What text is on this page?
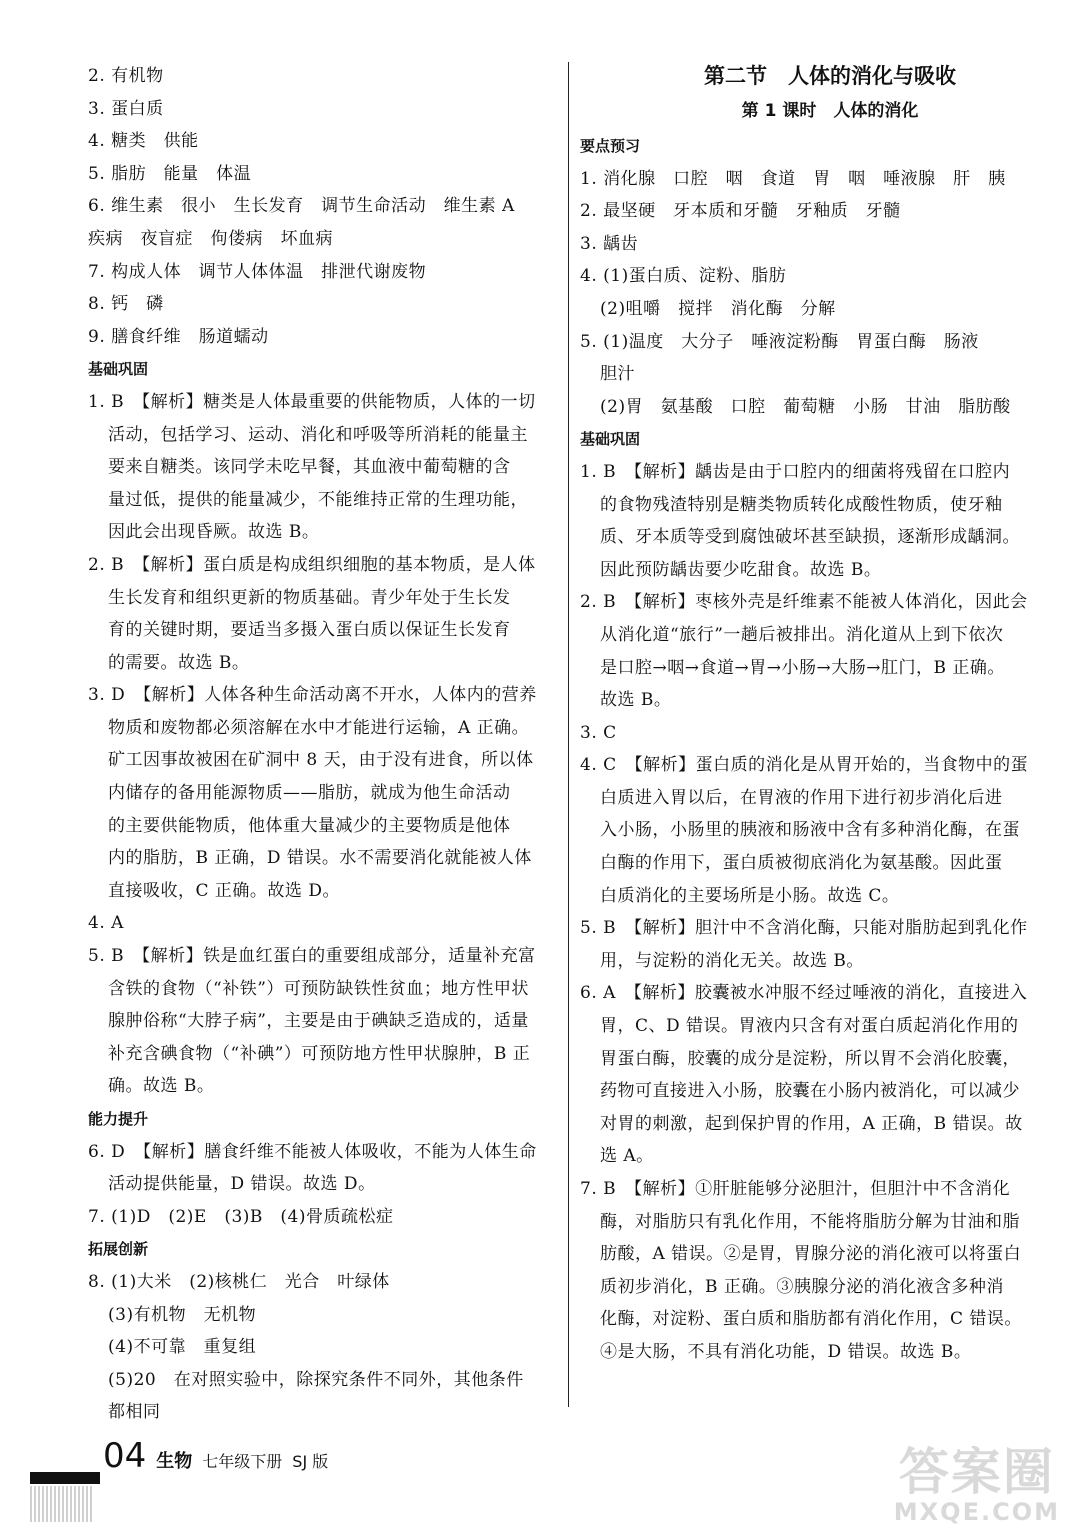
2. 有机物
3. 蛋白质
4. 糖类　供能
5. 脂肪　能量　体温
6. 维生素　很小　生长发育　调节生命活动　维生素 A
疾病　夜盲症　佝偻病　坏血病
7. 构成人体　调节人体体温　排泄代谢废物
8. 钙　磷
9. 膳食纤维　肠道蠕动
基础巩固
1. B　【解析】糖类是人体最重要的供能物质，人体的一切
活动，包括学习、运动、消化和呼吸等所消耗的能量主
要来自糖类。该同学未吃早餐，其血液中葡萄糖的含
量过低，提供的能量减少，不能维持正常的生理功能，
因此会出现昏厥。故选 B。
2. B　【解析】蛋白质是构成组织细胞的基本物质，是人体
生长发育和组织更新的物质基础。青少年处于生长发
育的关键时期，要适当多摄入蛋白质以保证生长发育
的需要。故选 B。
3. D　【解析】人体各种生命活动离不开水，人体内的营养
物质和废物都必须溶解在水中才能进行运输，A 正确。
矿工因事故被困在矿洞中 8 天，由于没有进食，所以体
内储存的备用能源物质——脂肪，就成为他生命活动
的主要供能物质，他体重大量减少的主要物质是他体
内的脂肪，B 正确，D 错误。水不需要消化就能被人体
直接吸收，C 正确。故选 D。
4. A
5. B　【解析】铁是血红蛋白的重要组成部分，适量补充富
含铁的食物（“补铁”）可预防缺铁性贫血；地方性甲状
腺肿俗称“大脖子病”，主要是由于碘缺乏造成的，适量
补充含碘食物（“补碘”）可预防地方性甲状腺肿，B 正
确。故选 B。
能力提升
6. D　【解析】膳食纤维不能被人体吸收，不能为人体生命
活动提供能量，D 错误。故选 D。
7. (1)D　(2)E　(3)B　(4)骨质疏松症
拓展创新
8. (1)大米　(2)核桃仁　光合　叶绿体
(3)有机物　无机物
(4)不可靠　重复组
(5)20　在对照实验中，除探究条件不同外，其他条件
都相同
第二节　人体的消化与吸收
第 1 课时　人体的消化
要点预习
1. 消化腺　口腔　咽　食道　胃　咽　唾液腺　肝　胰
2. 最坚硬　牙本质和牙髓　牙釉质　牙髓
3. 龋齿
4. (1)蛋白质、淀粉、脂肪
(2)咀嚼　搅拌　消化酶　分解
5. (1)温度　大分子　唾液淀粉酶　胃蛋白酶　肠液
胆汁
(2)胃　氨基酸　口腔　葡萄糖　小肠　甘油　脂肪酸
基础巩固
1. B　【解析】龋齿是由于口腔内的细菌将残留在口腔内
的食物残渣特别是糖类物质转化成酸性物质，使牙釉
质、牙本质等受到腐蚀破坏甚至缺损，逐渐形成龋洞。
因此预防龋齿要少吃甜食。故选 B。
2. B　【解析】枣核外壳是纤维素不能被人体消化，因此会
从消化道“旅行”一趟后被排出。消化道从上到下依次
是口腔→咽→食道→胃→小肠→大肠→肛门，B 正确。
故选 B。
3. C
4. C　【解析】蛋白质的消化是从胃开始的，当食物中的蛋
白质进入胃以后，在胃液的作用下进行初步消化后进
入小肠，小肠里的胰液和肠液中含有多种消化酶，在蛋
白酶的作用下，蛋白质被彻底消化为氨基酸。因此蛋
白质消化的主要场所是小肠。故选 C。
5. B　【解析】胆汁中不含消化酶，只能对脂肪起到乳化作
用，与淀粉的消化无关。故选 B。
6. A　【解析】胶囊被水冲服不经过唾液的消化，直接进入
胃，C、D 错误。胃液内只含有对蛋白质起消化作用的
胃蛋白酶，胶囊的成分是淀粉，所以胃不会消化胶囊，
药物可直接进入小肠，胶囊在小肠内被消化，可以减少
对胃的刺激，起到保护胃的作用，A 正确，B 错误。故
选 A。
7. B　【解析】①肝脏能够分泌胆汁，但胆汁中不含消化
酶，对脂肪只有乳化作用，不能将脂肪分解为甘油和脂
肪酸，A 错误。②是胃，胃腺分泌的消化液可以将蛋白
质初步消化，B 正确。③胰腺分泌的消化液含多种消
化酶，对淀粉、蛋白质和脂肪都有消化作用，C 错误。
④是大肠，不具有消化功能，D 错误。故选 B。
04 生物 七年级下册 SJ 版	答案圈
MXQE.COM
